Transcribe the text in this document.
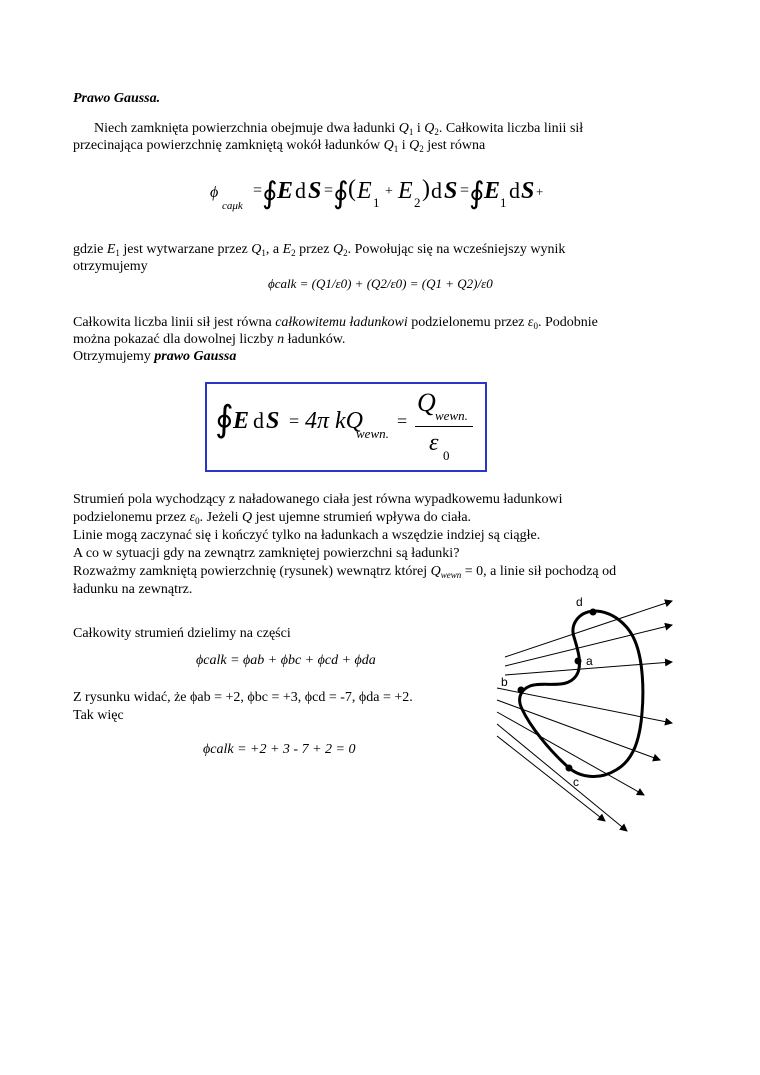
Prawo Gaussa.
Niech zamknięta powierzchnia obejmuje dwa ładunki $Q_1$ i $Q_2$. Całkowita liczba linii sił
przecinająca powierzchnię zamkniętą wokół ładunków $Q_1$ i $Q_2$ jest równa
ϕ
caμk
= ∮ E d S = ∮ ( E 1
+ E 2
) d S = ∮ E 1 d S +
gdzie $E_1$ jest wytwarzane przez $Q_1$, a $E_2$ przez $Q_2$. Powołując się na wcześniejszy wynik
otrzymujemy
ϕcalk = (Q1/ε0) + (Q2/ε0) = (Q1 + Q2)/ε0
Całkowita liczba linii sił jest równa całkowitemu ładunkowi podzielonemu przez $\varepsilon_0$. Podobnie
można pokazać dla dowolnej liczby n ładunków.
Otrzymujemy prawo Gaussa
∮ E d S = 4π kQ
wewn.
=
Q wewn.
ε 0
Strumień pola wychodzący z naładowanego ciała jest równa wypadkowemu ładunkowi
podzielonemu przez $\varepsilon_0$. Jeżeli Q jest ujemne strumień wpływa do ciała.
Linie mogą zaczynać się i kończyć tylko na ładunkach a wszędzie indziej są ciągłe.
A co w sytuacji gdy na zewnątrz zamkniętej powierzchni są ładunki?
Rozważmy zamkniętą powierzchnię (rysunek) wewnątrz której $Q_{wewn} = 0$, a linie sił pochodzą od
ładunku na zewnątrz.
Całkowity strumień dzielimy na części
ϕcalk = ϕab + ϕbc + ϕcd + ϕda
Z rysunku widać, że ϕab = +2, ϕbc = +3, ϕcd = -7, ϕda = +2.
Tak więc
ϕcalk = +2 + 3 - 7 + 2 = 0
d
a
b
c
